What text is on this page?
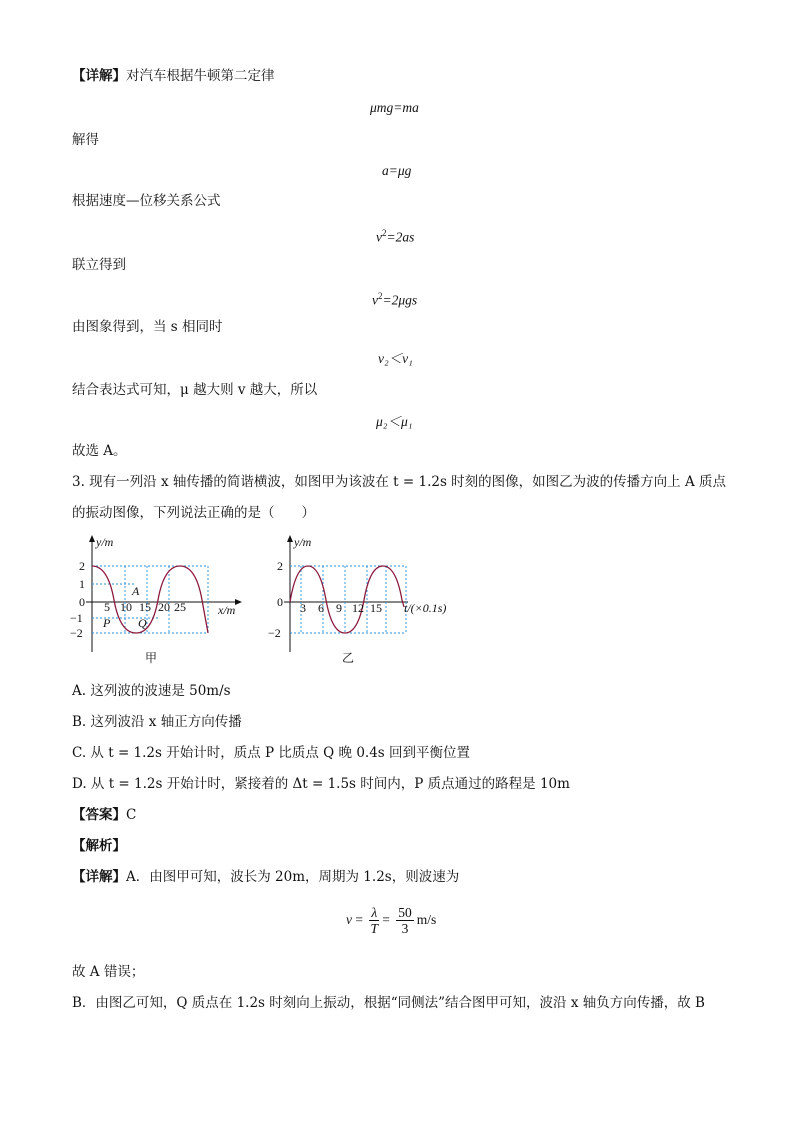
【详解】对汽车根据牛顿第二定律
μmg=ma
解得
a=μg
根据速度—位移关系公式
$v^2=2as$
联立得到
$v^2=2\mu gs$
由图象得到，当 s 相同时
v₂＜v₁
结合表达式可知，μ 越大则 v 越大，所以
μ₂＜μ₁
故选 A。
3. 现有一列沿 x 轴传播的简谐横波，如图甲为该波在 t = 1.2s 时刻的图像，如图乙为波的传播方向上 A 质点
的振动图像，下列说法正确的是（　　）
y/m
2
1
0
−1
−2
5 10 15 20 25	x/m
A
P Q
甲
y/m
2
0
−2
3 6 9 12 15 t/(×0.1s)
乙
A. 这列波的波速是 50m/s
B. 这列波沿 x 轴正方向传播
C. 从 t = 1.2s 开始计时，质点 P 比质点 Q 晚 0.4s 回到平衡位置
D. 从 t = 1.2s 开始计时，紧接着的 Δt = 1.5s 时间内，P 质点通过的路程是 10m
【答案】C
【解析】
【详解】A．由图甲可知，波长为 20m，周期为 1.2s，则波速为
$v = \frac{\lambda}{T} = \frac{50}{3} m/s$
故 A 错误；
B．由图乙可知，Q 质点在 1.2s 时刻向上振动，根据“同侧法”结合图甲可知，波沿 x 轴负方向传播，故 B
